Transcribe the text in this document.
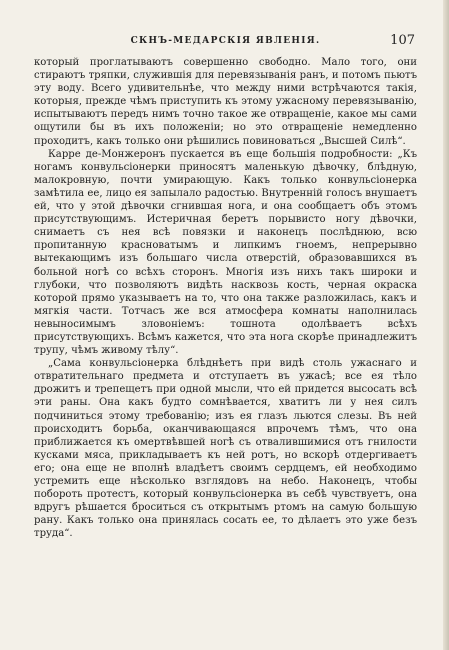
СКНЪ-МЕДАРСКІЯ ЯВЛЕНІЯ.	107

который проглатываютъ совершенно свободно. Мало того, они стираютъ тряпки, служившія для перевязыванія ранъ, и потомъ пьютъ эту воду. Всего удивительнѣе, что между ними встрѣчаются такія, которыя, прежде чѣмъ приступить къ этому ужасному перевязыванію, испытываютъ передъ нимъ точно такое же отвращеніе, какое мы сами ощутили бы въ ихъ положеніи; но это отвращеніе немедленно проходитъ, какъ только они рѣшились повиноваться „Высшей Силѣ“.

Карре де-Монжеронъ пускается въ еще большія подробности: „Къ ногамъ конвульсіонерки приносятъ маленькую дѣвочку, блѣдную, малокровную, почти умирающую. Какъ только конвульсіонерка замѣтила ее, лицо ея запылало радостью. Внутренній голосъ внушаетъ ей, что у этой дѣвочки сгнившая нога, и она сообщаетъ объ этомъ присутствующимъ. Истеричная беретъ порывисто ногу дѣвочки, снимаетъ съ нея всѣ повязки и наконецъ послѣднюю, всю пропитанную красноватымъ и липкимъ гноемъ, непрерывно вытекающимъ изъ большаго числа отверстій, образовавшихся въ больной ногѣ со всѣхъ сторонъ. Многія изъ нихъ такъ широки и глубоки, что позволяютъ видѣть насквозь кость, черная окраска которой прямо указываетъ на то, что она также разложилась, какъ и мягкія части. Тотчасъ же вся атмосфера комнаты наполнилась невыносимымъ зловоніемъ: тошнота одолѣваетъ всѣхъ присутствующихъ. Всѣмъ кажется, что эта нога скорѣе принадлежитъ трупу, чѣмъ живому тѣлу“.

„Сама конвульсіонерка блѣднѣетъ при видѣ столь ужаснаго и отвратительнаго предмета и отступаетъ въ ужасѣ; все ея тѣло дрожитъ и трепещетъ при одной мысли, что ей придется высосать всѣ эти раны. Она какъ будто сомнѣвается, хватитъ ли у нея силъ подчиниться этому требованію; изъ ея глазъ льются слезы. Въ ней происходитъ борьба, оканчивающаяся впрочемъ тѣмъ, что она приближается къ омертвѣвшей ногѣ съ отвалившимися отъ гнилости кусками мяса, прикладываетъ къ ней ротъ, но вскорѣ отдергиваетъ его; она еще не вполнѣ владѣетъ своимъ сердцемъ, ей необходимо устремить еще нѣсколько взглядовъ на небо. Наконецъ, чтобы побороть протестъ, который конвульсіонерка въ себѣ чувствуетъ, она вдругъ рѣшается броситься съ открытымъ ртомъ на самую большую рану. Какъ только она принялась сосать ее, то дѣлаетъ это уже безъ труда“.
